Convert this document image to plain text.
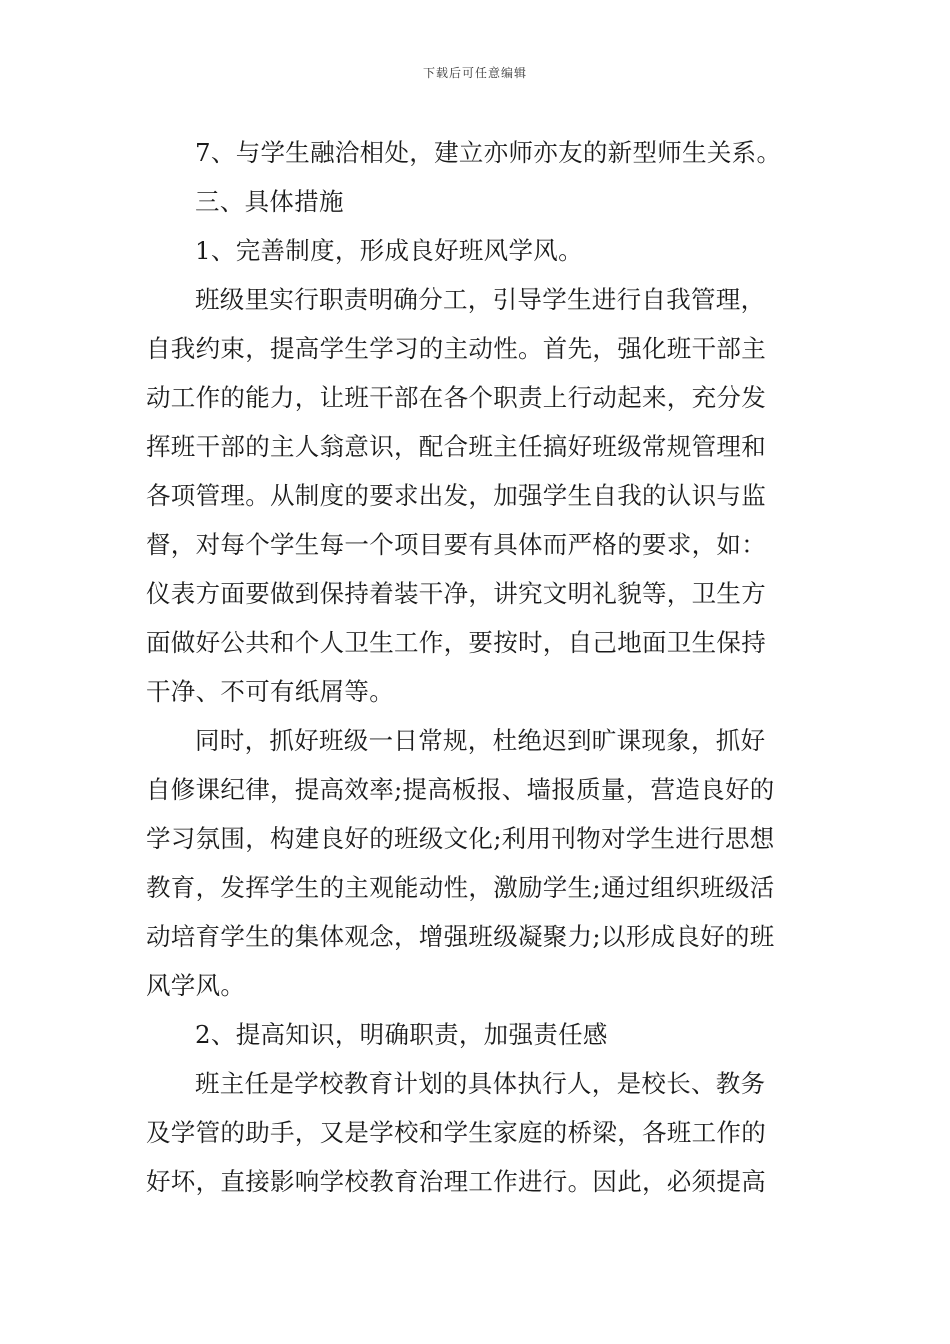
下载后可任意编辑
7、与学生融洽相处，建立亦师亦友的新型师生关系。
三、具体措施
1、完善制度，形成良好班风学风。
班级里实行职责明确分工，引导学生进行自我管理，
自我约束，提高学生学习的主动性。首先，强化班干部主
动工作的能力，让班干部在各个职责上行动起来，充分发
挥班干部的主人翁意识，配合班主任搞好班级常规管理和
各项管理。从制度的要求出发，加强学生自我的认识与监
督，对每个学生每一个项目要有具体而严格的要求，如：
仪表方面要做到保持着装干净，讲究文明礼貌等，卫生方
面做好公共和个人卫生工作，要按时，自己地面卫生保持
干净、不可有纸屑等。
同时，抓好班级一日常规，杜绝迟到旷课现象，抓好
自修课纪律，提高效率;提高板报、墙报质量，营造良好的
学习氛围，构建良好的班级文化;利用刊物对学生进行思想
教育，发挥学生的主观能动性，激励学生;通过组织班级活
动培育学生的集体观念，增强班级凝聚力;以形成良好的班
风学风。
2、提高知识，明确职责，加强责任感
班主任是学校教育计划的具体执行人，是校长、教务
及学管的助手，又是学校和学生家庭的桥梁，各班工作的
好坏，直接影响学校教育治理工作进行。因此，必须提高
